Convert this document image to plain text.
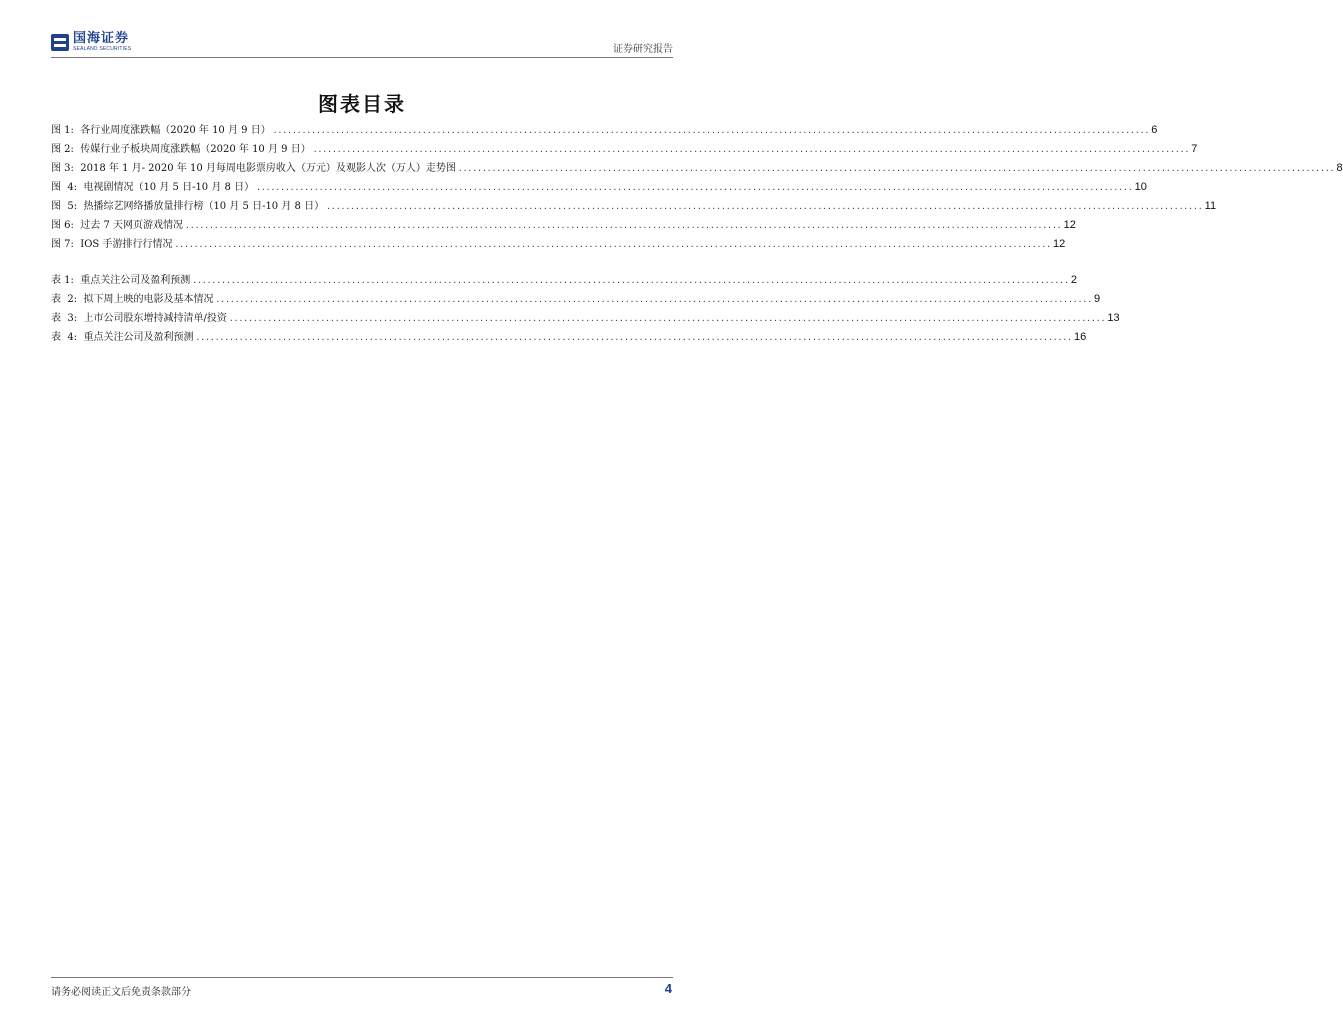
国海证券
SEALAND SECURITIES	证券研究报告
图表目录
图 1:  各行业周度涨跌幅（2020 年 10 月 9 日） ...................................................................................................................................................................................... 6
图 2:  传媒行业子板块周度涨跌幅（2020 年 10 月 9 日） ...................................................................................................................................................................................... 7
图 3:  2018 年 1 月- 2020 年 10 月每周电影票房收入（万元）及观影人次（万人）走势图 ...................................................................................................................................................................................... 8
图  4:  电视剧情况（10 月 5 日-10 月 8 日） ...................................................................................................................................................................................... 10
图  5:  热播综艺网络播放量排行榜（10 月 5 日-10 月 8 日） ...................................................................................................................................................................................... 11
图 6:  过去 7 天网页游戏情况 ...................................................................................................................................................................................... 12
图 7:  IOS 手游排行行情况 ...................................................................................................................................................................................... 12
表 1:  重点关注公司及盈利预测 ...................................................................................................................................................................................... 2
表  2:  拟下周上映的电影及基本情况 ...................................................................................................................................................................................... 9
表  3:  上市公司股东增持减持清单/投资 ...................................................................................................................................................................................... 13
表  4:  重点关注公司及盈利预测 ...................................................................................................................................................................................... 16
请务必阅读正文后免责条款部分	4
